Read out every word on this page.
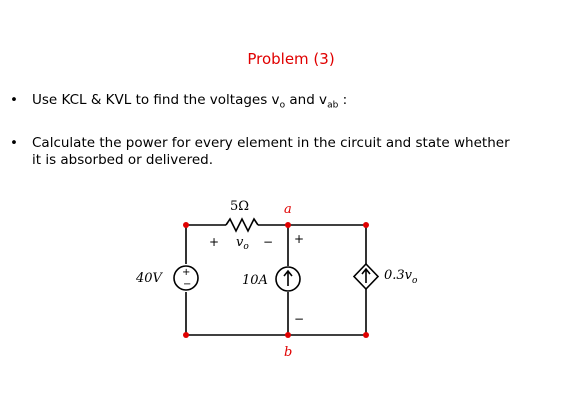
Problem (3)
• Use KCL & KVL to find the voltages $v_o$ and $v_{ab}$ :
• Calculate the power for every element in the circuit and state whether
it is absorbed or delivered.
+
−
5Ω	a
+ $v_o$ − +
−
40V	10A	$0.3v_o$
b
